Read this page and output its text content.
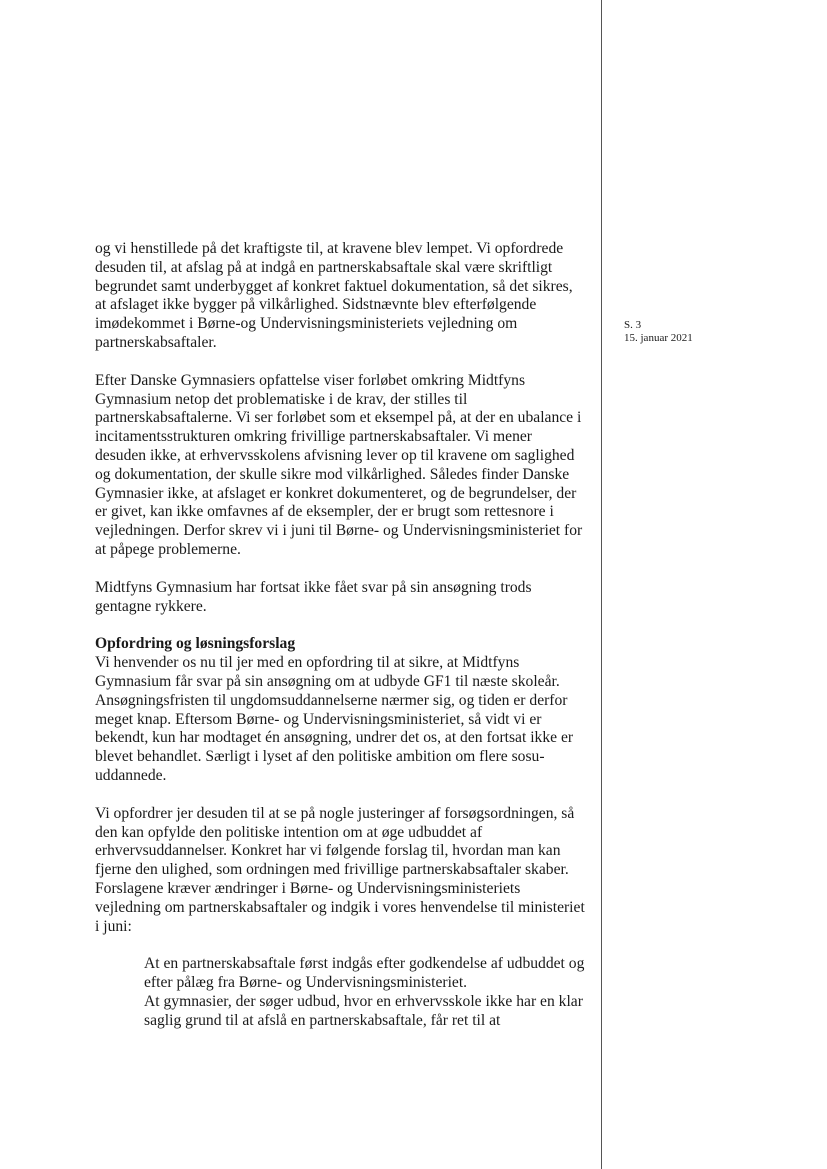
S. 3
15. januar 2021

og vi henstillede på det kraftigste til, at kravene blev lempet. Vi opfordrede desuden til, at afslag på at indgå en partnerskabsaftale skal være skriftligt begrundet samt underbygget af konkret faktuel dokumentation, så det sikres, at afslaget ikke bygger på vilkårlighed. Sidstnævnte blev efterfølgende imødekommet i Børne-og Undervisningsministeriets vejledning om partnerskabsaftaler.

Efter Danske Gymnasiers opfattelse viser forløbet omkring Midtfyns Gymnasium netop det problematiske i de krav, der stilles til partnerskabsaftalerne. Vi ser forløbet som et eksempel på, at der en ubalance i incitamentsstrukturen omkring frivillige partnerskabsaftaler. Vi mener desuden ikke, at erhvervsskolens afvisning lever op til kravene om saglighed og dokumentation, der skulle sikre mod vilkårlighed. Således finder Danske Gymnasier ikke, at afslaget er konkret dokumenteret, og de begrundelser, der er givet, kan ikke omfavnes af de eksempler, der er brugt som rettesnore i vejledningen. Derfor skrev vi i juni til Børne- og Undervisningsministeriet for at påpege problemerne.

Midtfyns Gymnasium har fortsat ikke fået svar på sin ansøgning trods gentagne rykkere.

Opfordring og løsningsforslag

Vi henvender os nu til jer med en opfordring til at sikre, at Midtfyns Gymnasium får svar på sin ansøgning om at udbyde GF1 til næste skoleår. Ansøgningsfristen til ungdomsuddannelserne nærmer sig, og tiden er derfor meget knap. Eftersom Børne- og Undervisningsministeriet, så vidt vi er bekendt, kun har modtaget én ansøgning, undrer det os, at den fortsat ikke er blevet behandlet. Særligt i lyset af den politiske ambition om flere sosu-uddannede.

Vi opfordrer jer desuden til at se på nogle justeringer af forsøgsordningen, så den kan opfylde den politiske intention om at øge udbuddet af erhvervsuddannelser. Konkret har vi følgende forslag til, hvordan man kan fjerne den ulighed, som ordningen med frivillige partnerskabsaftaler skaber. Forslagene kræver ændringer i Børne- og Undervisningsministeriets vejledning om partnerskabsaftaler og indgik i vores henvendelse til ministeriet i juni:

At en partnerskabsaftale først indgås efter godkendelse af udbuddet og efter pålæg fra Børne- og Undervisningsministeriet.
At gymnasier, der søger udbud, hvor en erhvervsskole ikke har en klar saglig grund til at afslå en partnerskabsaftale, får ret til at
